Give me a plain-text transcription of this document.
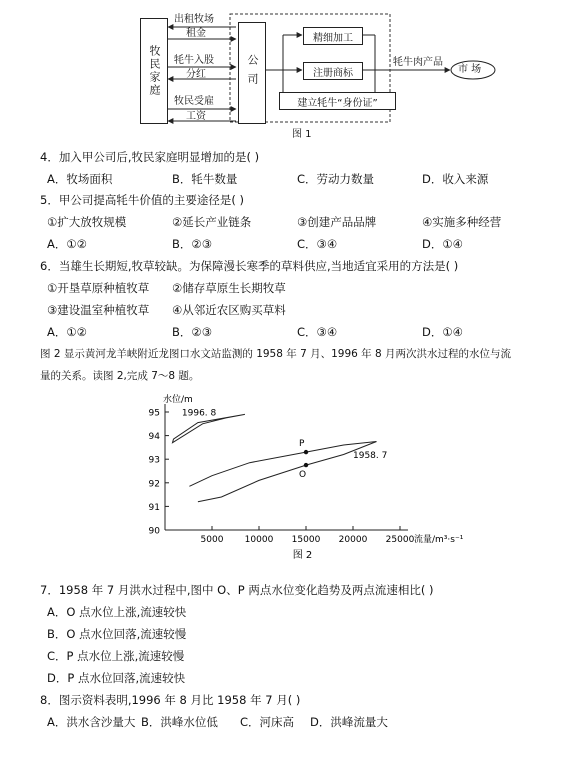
牧民家庭	公司
出租牧场
租金
牦牛入股
分红
牧民受雇
工资
精细加工
注册商标
建立牦牛“身份证”
牦牛肉产品
市 场
图 1
4．加入甲公司后,牧民家庭明显增加的是( )
A．牧场面积	B．牦牛数量	C．劳动力数量	D．收入来源
5．甲公司提高牦牛价值的主要途径是( )
①扩大放牧规模	②延长产业链条	③创建产品品牌	④实施多种经营
A．①②	B．②③	C．③④	D．①④
6．当雄生长期短,牧草较缺。为保障漫长寒季的草料供应,当地适宜采用的方法是( )
①开垦草原种植牧草 ②储存草原生长期牧草
③建设温室种植牧草 ④从邻近农区购买草料
A．①②	B．②③	C．③④	D．①④
图 2 显示黄河龙羊峡附近龙图口水文站监测的 1958 年 7 月、1996 年 8 月两次洪水过程的水位与流
量的关系。读图 2,完成 7～8 题。
90
91
92
93
94
95
5000 10000 15000 20000 25000
水位/m
流量/m³·s⁻¹
图 2
1996. 8
1958. 7
P
O
7．1958 年 7 月洪水过程中,图中 O、P 两点水位变化趋势及两点流速相比( )
A．O 点水位上涨,流速较快
B．O 点水位回落,流速较慢
C．P 点水位上涨,流速较慢
D．P 点水位回落,流速较快
8．图示资料表明,1996 年 8 月比 1958 年 7 月( )
A．洪水含沙量大 B．洪峰水位低 C．河床高 D．洪峰流量大
